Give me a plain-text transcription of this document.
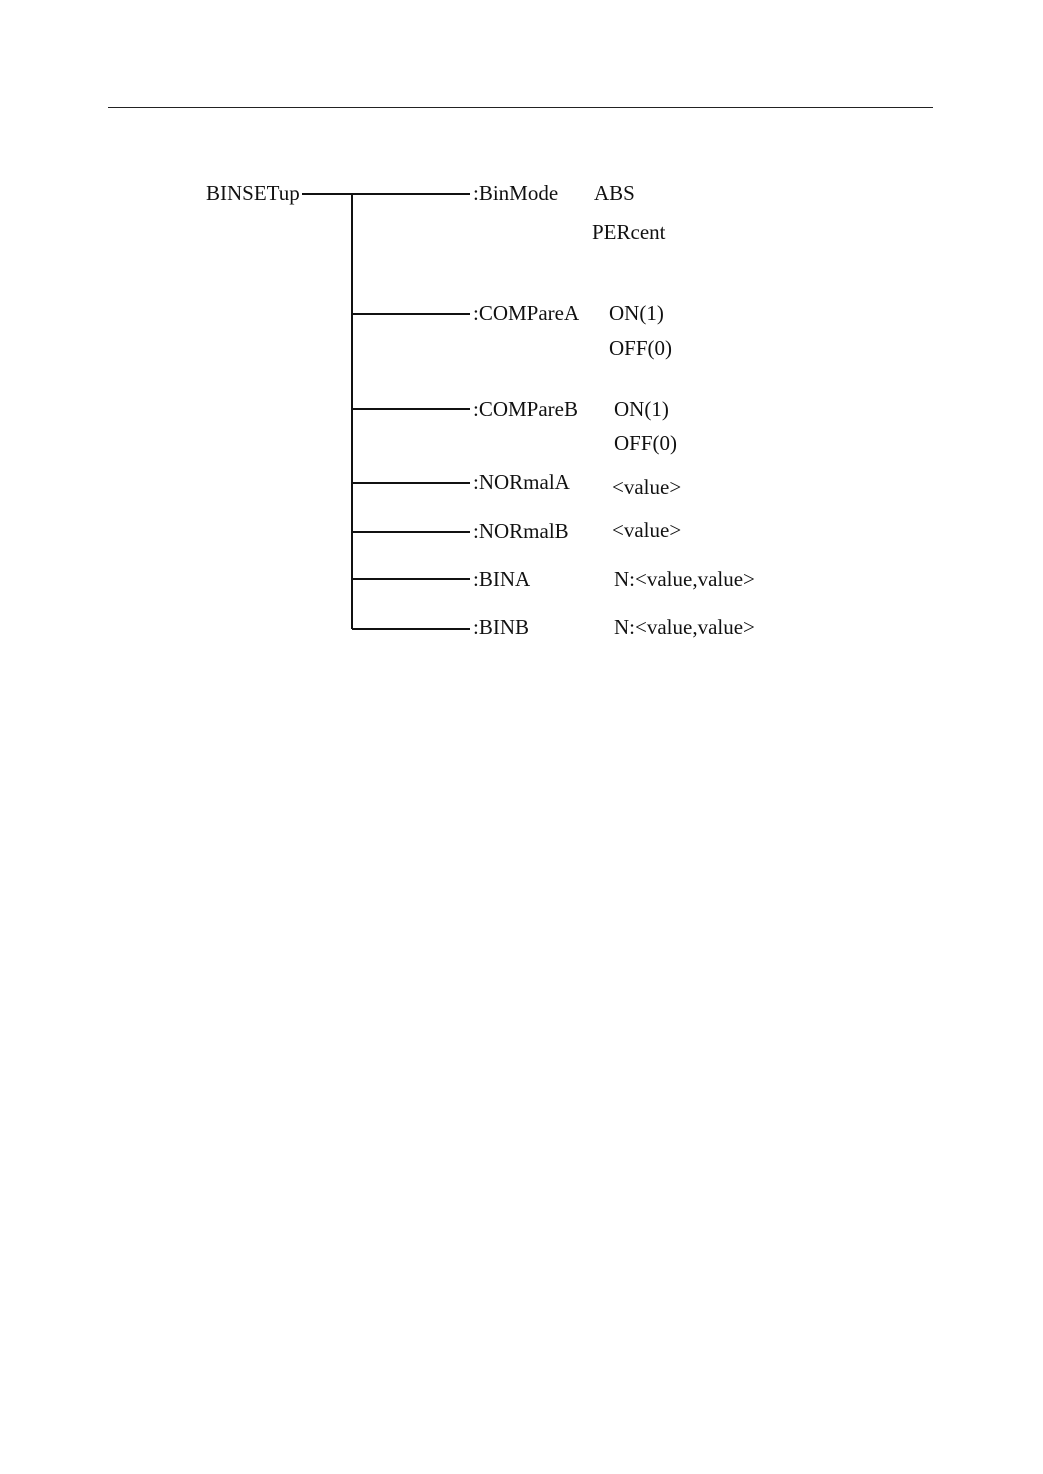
BINSETup	:BinMode ABS
PERcent
:COMPareA ON(1)
OFF(0)
:COMPareB ON(1)
OFF(0)
:NORmalA <value>
:NORmalB <value>
:BINA	N:<value,value>
:BINB	N:<value,value>
